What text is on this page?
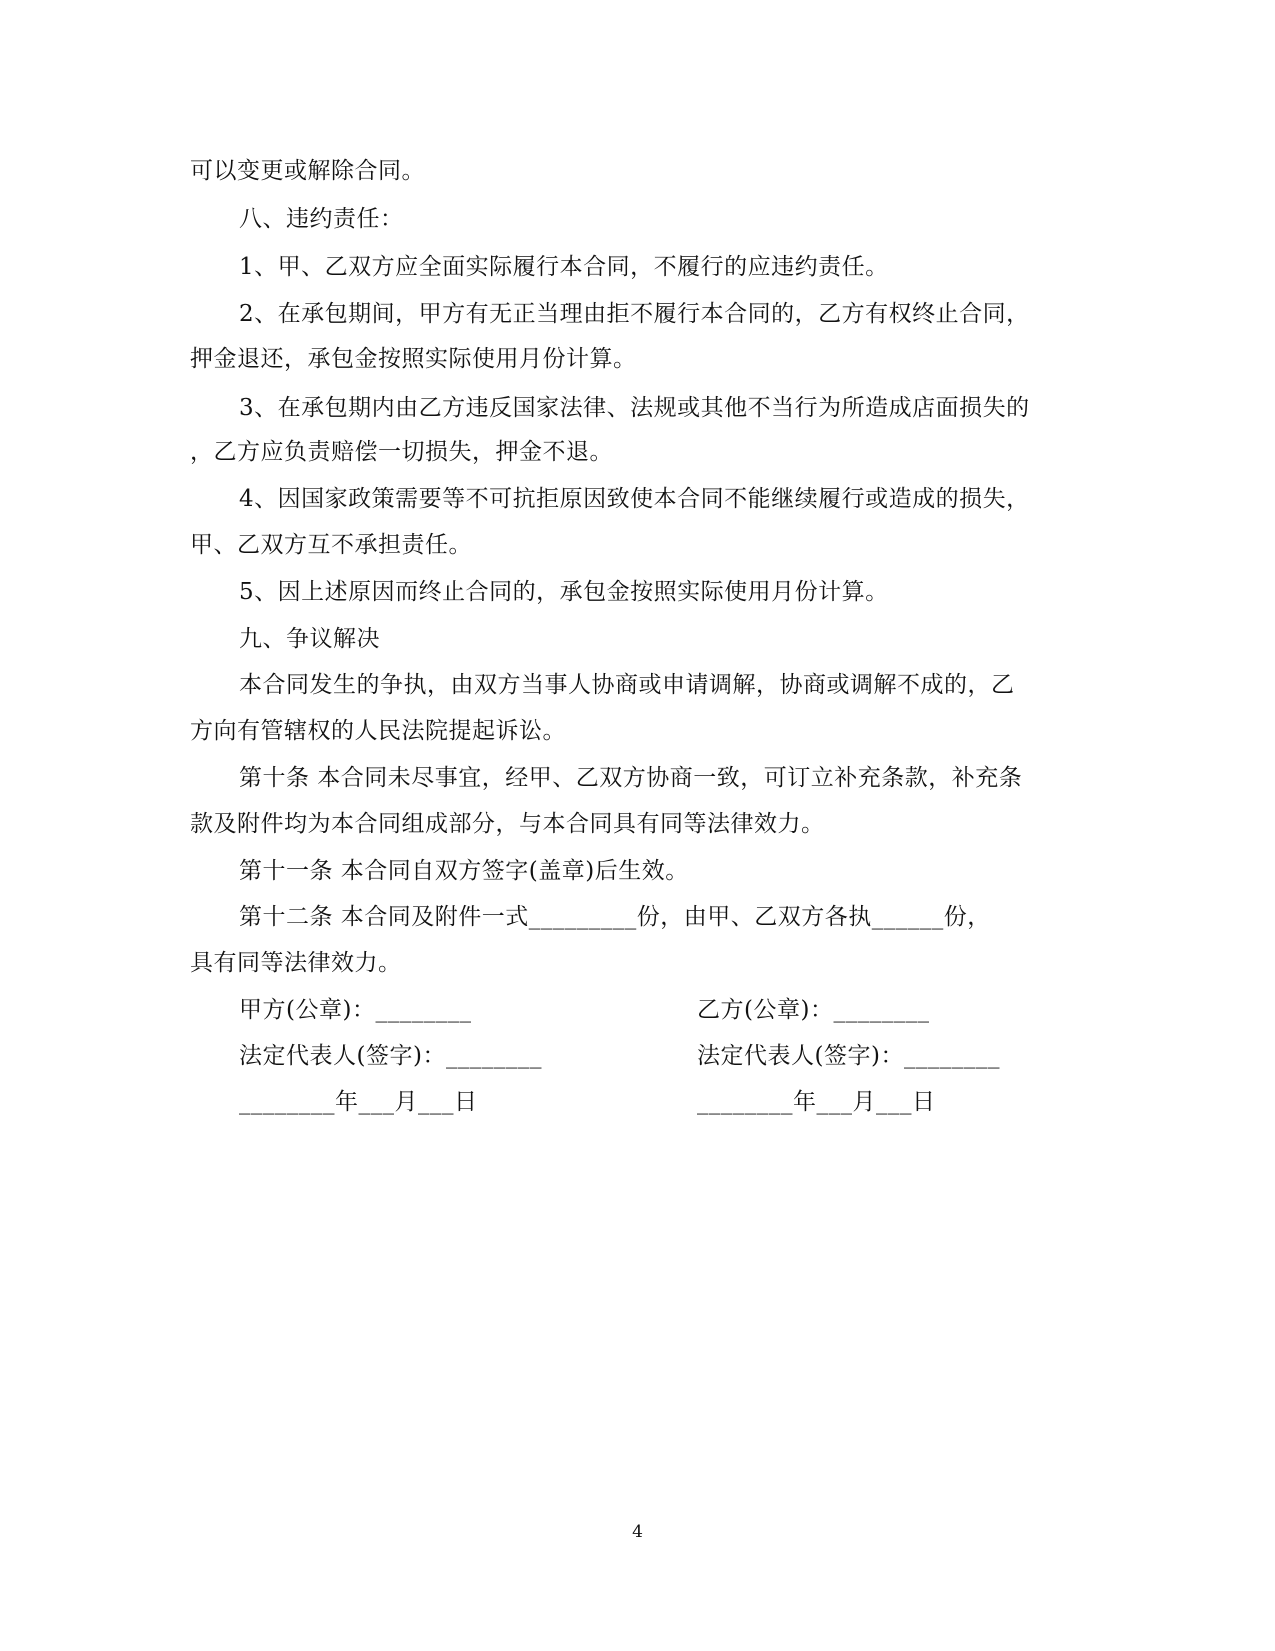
可以变更或解除合同。
八、违约责任：
1、甲、乙双方应全面实际履行本合同，不履行的应违约责任。
2、在承包期间，甲方有无正当理由拒不履行本合同的，乙方有权终止合同，
押金退还，承包金按照实际使用月份计算。
3、在承包期内由乙方违反国家法律、法规或其他不当行为所造成店面损失的
，乙方应负责赔偿一切损失，押金不退。
4、因国家政策需要等不可抗拒原因致使本合同不能继续履行或造成的损失，
甲、乙双方互不承担责任。
5、因上述原因而终止合同的，承包金按照实际使用月份计算。
九、争议解决
本合同发生的争执，由双方当事人协商或申请调解，协商或调解不成的，乙
方向有管辖权的人民法院提起诉讼。
第十条 本合同未尽事宜，经甲、乙双方协商一致，可订立补充条款，补充条
款及附件均为本合同组成部分，与本合同具有同等法律效力。
第十一条 本合同自双方签字(盖章)后生效。
第十二条 本合同及附件一式_________份，由甲、乙双方各执______份，
具有同等法律效力。
甲方(公章)：________	乙方(公章)：________
法定代表人(签字)：________	法定代表人(签字)：________
________年___月___日	________年___月___日
4
